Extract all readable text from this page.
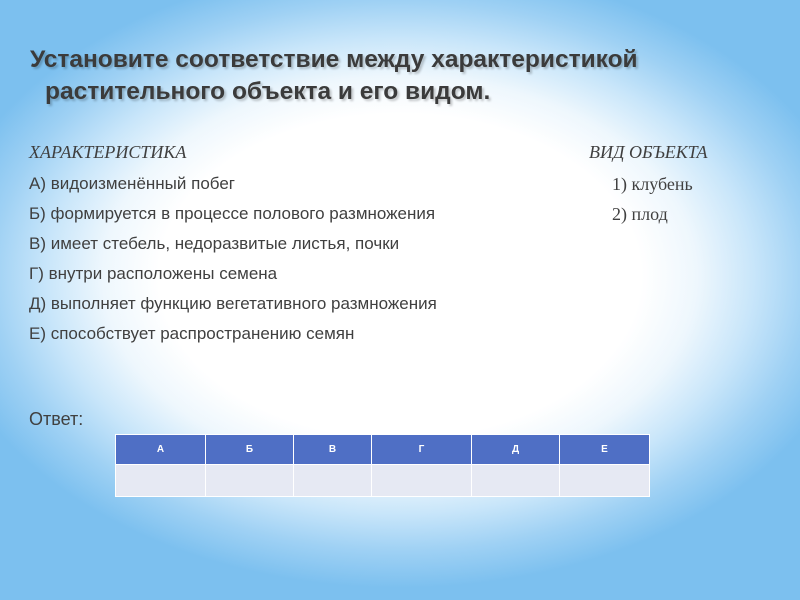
Установите соответствие между характеристикой
растительного объекта и его видом.
ХАРАКТЕРИСТИКА	ВИД ОБЪЕКТА
А) видоизменённый побег
Б) формируется в процессе полового размножения
В) имеет стебель, недоразвитые листья, почки
Г) внутри расположены семена
Д) выполняет функцию вегетативного размножения
Е) способствует распространению семян
1) клубень
2) плод
Ответ:
А	Б	В	Г	Д	Е
